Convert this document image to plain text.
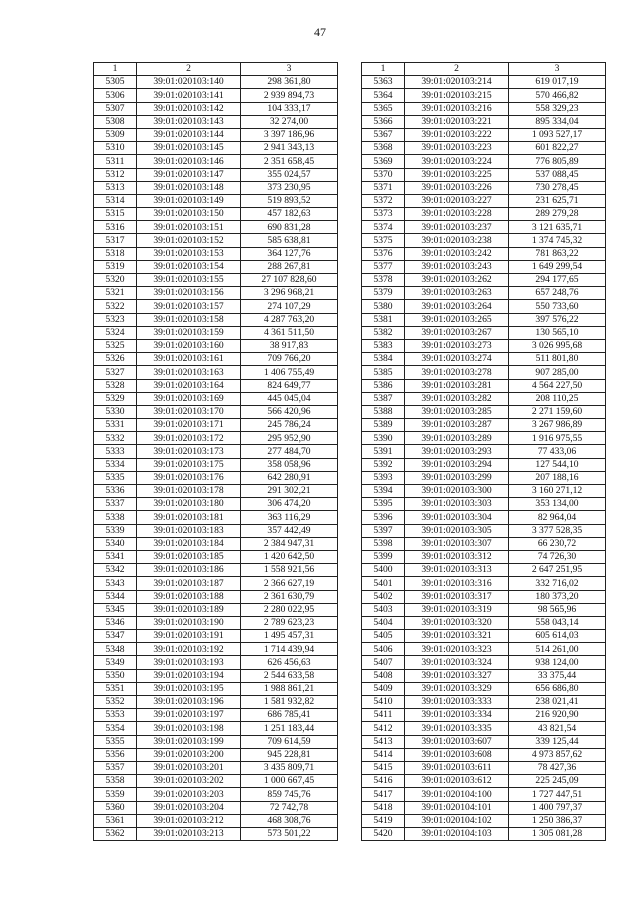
47
1	2	3
5305	39:01:020103:140	298 361,80
5306	39:01:020103:141	2 939 894,73
5307	39:01:020103:142	104 333,17
5308	39:01:020103:143	32 274,00
5309	39:01:020103:144	3 397 186,96
5310	39:01:020103:145	2 941 343,13
5311	39:01:020103:146	2 351 658,45
5312	39:01:020103:147	355 024,57
5313	39:01:020103:148	373 230,95
5314	39:01:020103:149	519 893,52
5315	39:01:020103:150	457 182,63
5316	39:01:020103:151	690 831,28
5317	39:01:020103:152	585 638,81
5318	39:01:020103:153	364 127,76
5319	39:01:020103:154	288 267,81
5320	39:01:020103:155	27 107 828,60
5321	39:01:020103:156	3 296 968,21
5322	39:01:020103:157	274 107,29
5323	39:01:020103:158	4 287 763,20
5324	39:01:020103:159	4 361 511,50
5325	39:01:020103:160	38 917,83
5326	39:01:020103:161	709 766,20
5327	39:01:020103:163	1 406 755,49
5328	39:01:020103:164	824 649,77
5329	39:01:020103:169	445 045,04
5330	39:01:020103:170	566 420,96
5331	39:01:020103:171	245 786,24
5332	39:01:020103:172	295 952,90
5333	39:01:020103:173	277 484,70
5334	39:01:020103:175	358 058,96
5335	39:01:020103:176	642 280,91
5336	39:01:020103:178	291 302,21
5337	39:01:020103:180	306 474,20
5338	39:01:020103:181	363 116,29
5339	39:01:020103:183	357 442,49
5340	39:01:020103:184	2 384 947,31
5341	39:01:020103:185	1 420 642,50
5342	39:01:020103:186	1 558 921,56
5343	39:01:020103:187	2 366 627,19
5344	39:01:020103:188	2 361 630,79
5345	39:01:020103:189	2 280 022,95
5346	39:01:020103:190	2 789 623,23
5347	39:01:020103:191	1 495 457,31
5348	39:01:020103:192	1 714 439,94
5349	39:01:020103:193	626 456,63
5350	39:01:020103:194	2 544 633,58
5351	39:01:020103:195	1 988 861,21
5352	39:01:020103:196	1 581 932,82
5353	39:01:020103:197	686 785,41
5354	39:01:020103:198	1 251 183,44
5355	39:01:020103:199	709 614,59
5356	39:01:020103:200	945 228,81
5357	39:01:020103:201	3 435 809,71
5358	39:01:020103:202	1 000 667,45
5359	39:01:020103:203	859 745,76
5360	39:01:020103:204	72 742,78
5361	39:01:020103:212	468 308,76
5362	39:01:020103:213	573 501,22
1	2	3
5363	39:01:020103:214	619 017,19
5364	39:01:020103:215	570 466,82
5365	39:01:020103:216	558 329,23
5366	39:01:020103:221	895 334,04
5367	39:01:020103:222	1 093 527,17
5368	39:01:020103:223	601 822,27
5369	39:01:020103:224	776 805,89
5370	39:01:020103:225	537 088,45
5371	39:01:020103:226	730 278,45
5372	39:01:020103:227	231 625,71
5373	39:01:020103:228	289 279,28
5374	39:01:020103:237	3 121 635,71
5375	39:01:020103:238	1 374 745,32
5376	39:01:020103:242	781 863,22
5377	39:01:020103:243	1 649 299,54
5378	39:01:020103:262	294 177,65
5379	39:01:020103:263	657 248,76
5380	39:01:020103:264	550 733,60
5381	39:01:020103:265	397 576,22
5382	39:01:020103:267	130 565,10
5383	39:01:020103:273	3 026 995,68
5384	39:01:020103:274	511 801,80
5385	39:01:020103:278	907 285,00
5386	39:01:020103:281	4 564 227,50
5387	39:01:020103:282	208 110,25
5388	39:01:020103:285	2 271 159,60
5389	39:01:020103:287	3 267 986,89
5390	39:01:020103:289	1 916 975,55
5391	39:01:020103:293	77 433,06
5392	39:01:020103:294	127 544,10
5393	39:01:020103:299	207 188,16
5394	39:01:020103:300	3 160 271,12
5395	39:01:020103:303	353 134,00
5396	39:01:020103:304	82 964,04
5397	39:01:020103:305	3 377 528,35
5398	39:01:020103:307	66 230,72
5399	39:01:020103:312	74 726,30
5400	39:01:020103:313	2 647 251,95
5401	39:01:020103:316	332 716,02
5402	39:01:020103:317	180 373,20
5403	39:01:020103:319	98 565,96
5404	39:01:020103:320	558 043,14
5405	39:01:020103:321	605 614,03
5406	39:01:020103:323	514 261,00
5407	39:01:020103:324	938 124,00
5408	39:01:020103:327	33 375,44
5409	39:01:020103:329	656 686,80
5410	39:01:020103:333	238 021,41
5411	39:01:020103:334	216 920,90
5412	39:01:020103:335	43 821,54
5413	39:01:020103:607	339 125,44
5414	39:01:020103:608	4 973 857,62
5415	39:01:020103:611	78 427,36
5416	39:01:020103:612	225 245,09
5417	39:01:020104:100	1 727 447,51
5418	39:01:020104:101	1 400 797,37
5419	39:01:020104:102	1 250 386,37
5420	39:01:020104:103	1 305 081,28
